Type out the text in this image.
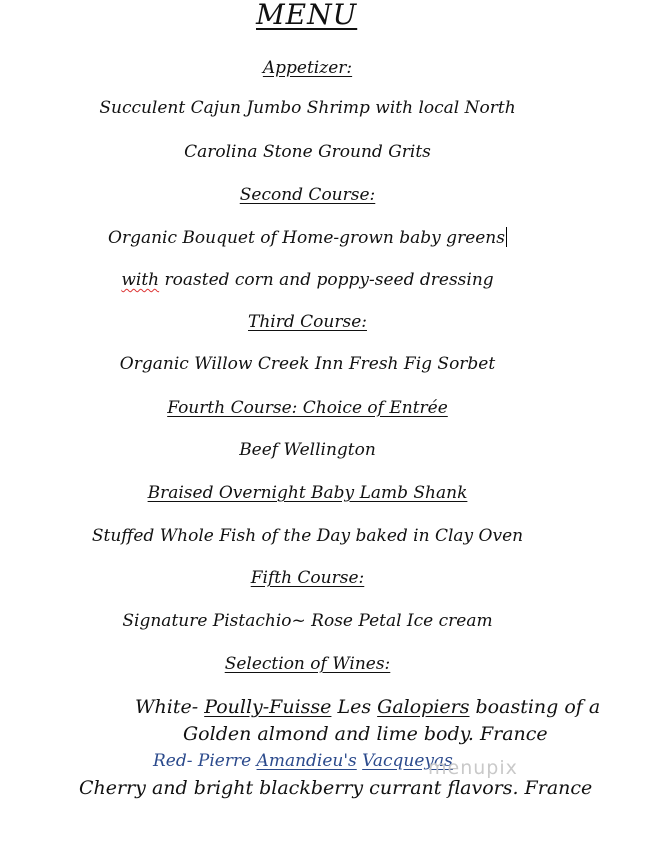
MENU
Appetizer:
Succulent Cajun Jumbo Shrimp with local North
Carolina Stone Ground Grits
Second Course:
Organic Bouquet of Home-grown baby greens
with roasted corn and poppy-seed dressing
Third Course:
Organic Willow Creek Inn Fresh Fig Sorbet
Fourth Course: Choice of Entrée
Beef Wellington
Braised Overnight Baby Lamb Shank
Stuffed Whole Fish of the Day baked in Clay Oven
Fifth Course:
Signature Pistachio~ Rose Petal Ice cream
Selection of Wines:
White- Poully-Fuisse Les Galopiers boasting of a
Golden almond and lime body. France
Red- Pierre Amandieu's Vacqueyas
Cherry and bright blackberry currant flavors. France
menupix
